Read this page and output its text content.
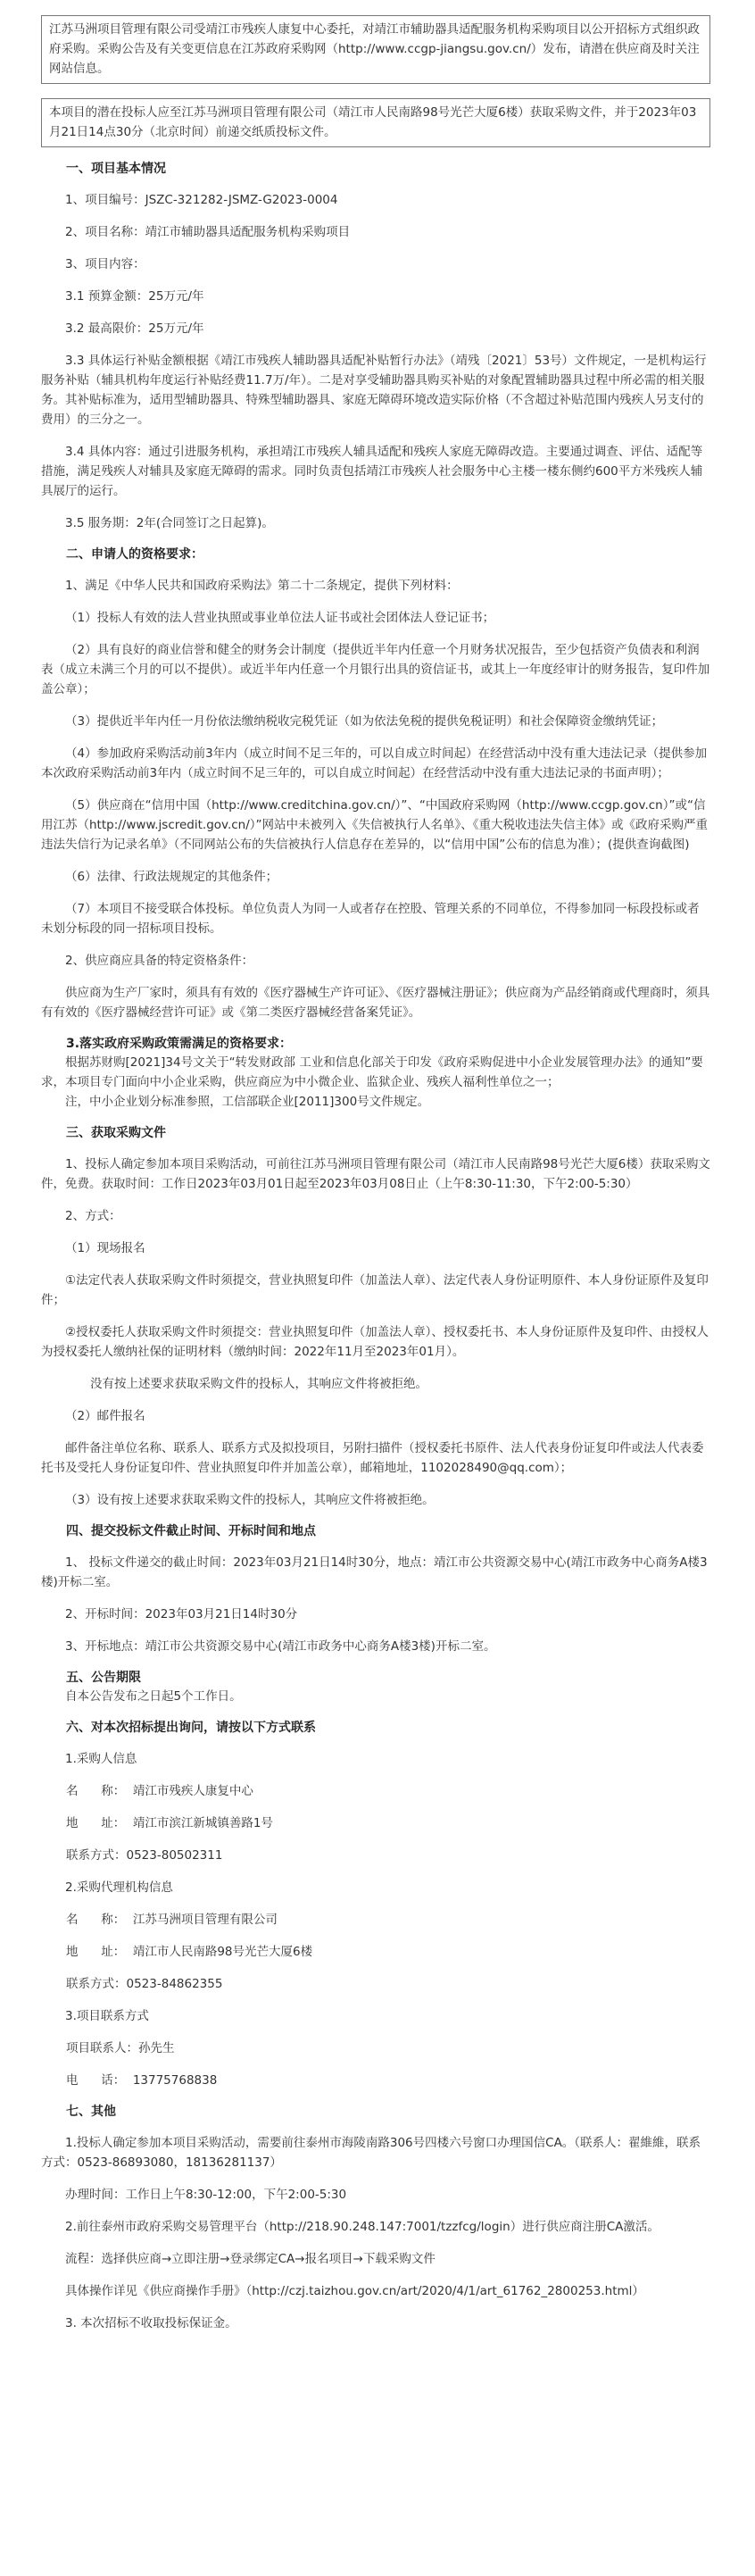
江苏马洲项目管理有限公司受靖江市残疾人康复中心委托，对靖江市辅助器具适配服务机构采购项目以公开招标方式组织政府采购。采购公告及有关变更信息在江苏政府采购网（http://www.ccgp-jiangsu.gov.cn/）发布，请潜在供应商及时关注网站信息。
本项目的潜在投标人应至江苏马洲项目管理有限公司（靖江市人民南路98号光芒大厦6楼）获取采购文件，并于2023年03月21日14点30分（北京时间）前递交纸质投标文件。

一、项目基本情况

1、项目编号：JSZC-321282-JSMZ-G2023-0004

2、项目名称：靖江市辅助器具适配服务机构采购项目

3、项目内容：

3.1 预算金额：25万元/年

3.2 最高限价：25万元/年

3.3 具体运行补贴金额根据《靖江市残疾人辅助器具适配补贴暂行办法》（靖残〔2021〕53号）文件规定，一是机构运行服务补贴（辅具机构年度运行补贴经费11.7万/年）。二是对享受辅助器具购买补贴的对象配置辅助器具过程中所必需的相关服务。其补贴标准为，适用型辅助器具、特殊型辅助器具、家庭无障碍环境改造实际价格（不含超过补贴范围内残疾人另支付的费用）的三分之一。

3.4 具体内容：通过引进服务机构，承担靖江市残疾人辅具适配和残疾人家庭无障碍改造。主要通过调查、评估、适配等措施，满足残疾人对辅具及家庭无障碍的需求。同时负责包括靖江市残疾人社会服务中心主楼一楼东侧约600平方米残疾人辅具展厅的运行。

3.5 服务期：2年(合同签订之日起算)。

二、申请人的资格要求：

1、满足《中华人民共和国政府采购法》第二十二条规定，提供下列材料：

（1）投标人有效的法人营业执照或事业单位法人证书或社会团体法人登记证书；

（2）具有良好的商业信誉和健全的财务会计制度（提供近半年内任意一个月财务状况报告，至少包括资产负债表和利润表（成立未满三个月的可以不提供）。或近半年内任意一个月银行出具的资信证书，或其上一年度经审计的财务报告，复印件加盖公章）；

（3）提供近半年内任一月份依法缴纳税收完税凭证（如为依法免税的提供免税证明）和社会保障资金缴纳凭证；

（4）参加政府采购活动前3年内（成立时间不足三年的，可以自成立时间起）在经营活动中没有重大违法记录（提供参加本次政府采购活动前3年内（成立时间不足三年的，可以自成立时间起）在经营活动中没有重大违法记录的书面声明）；

（5）供应商在“信用中国（http://www.creditchina.gov.cn/）”、“中国政府采购网（http://www.ccgp.gov.cn）”或“信用江苏（http://www.jscredit.gov.cn/）”网站中未被列入《失信被执行人名单》、《重大税收违法失信主体》或《政府采购严重违法失信行为记录名单》（不同网站公布的失信被执行人信息存在差异的，以“信用中国”公布的信息为准）；(提供查询截图)

（6）法律、行政法规规定的其他条件；

（7）本项目不接受联合体投标。单位负责人为同一人或者存在控股、管理关系的不同单位，不得参加同一标段投标或者未划分标段的同一招标项目投标。

2、供应商应具备的特定资格条件：

供应商为生产厂家时，须具有有效的《医疗器械生产许可证》、《医疗器械注册证》；供应商为产品经销商或代理商时，须具有有效的《医疗器械经营许可证》或《第二类医疗器械经营备案凭证》。

3.落实政府采购政策需满足的资格要求：

根据苏财购[2021]34号文关于“转发财政部 工业和信息化部关于印发《政府采购促进中小企业发展管理办法》的通知”要求，本项目专门面向中小企业采购，供应商应为中小微企业、监狱企业、残疾人福利性单位之一；

注，中小企业划分标准参照，工信部联企业[2011]300号文件规定。

三、获取采购文件

1、投标人确定参加本项目采购活动，可前往江苏马洲项目管理有限公司（靖江市人民南路98号光芒大厦6楼）获取采购文件，免费。获取时间：工作日2023年03月01日起至2023年03月08日止（上午8:30-11:30，下午2:00-5:30）

2、方式：

（1）现场报名

①法定代表人获取采购文件时须提交，营业执照复印件（加盖法人章）、法定代表人身份证明原件、本人身份证原件及复印件；

②授权委托人获取采购文件时须提交：营业执照复印件（加盖法人章）、授权委托书、本人身份证原件及复印件、由授权人为授权委托人缴纳社保的证明材料（缴纳时间：2022年11月至2023年01月）。

没有按上述要求获取采购文件的投标人，其响应文件将被拒绝。

（2）邮件报名

邮件备注单位名称、联系人、联系方式及拟投项目，另附扫描件（授权委托书原件、法人代表身份证复印件或法人代表委托书及受托人身份证复印件、营业执照复印件并加盖公章），邮箱地址，1102028490@qq.com）；

（3）设有按上述要求获取采购文件的投标人，其响应文件将被拒绝。

四、提交投标文件截止时间、开标时间和地点

1、 投标文件递交的截止时间：2023年03月21日14时30分，地点：靖江市公共资源交易中心(靖江市政务中心商务A楼3楼)开标二室。

2、开标时间：2023年03月21日14时30分

3、开标地点：靖江市公共资源交易中心(靖江市政务中心商务A楼3楼)开标二室。

五、公告期限

自本公告发布之日起5个工作日。

六、对本次招标提出询问，请按以下方式联系

1.采购人信息

名      称：  靖江市残疾人康复中心

地      址：  靖江市滨江新城镇善路1号

联系方式：0523-80502311

2.采购代理机构信息

名      称：  江苏马洲项目管理有限公司

地      址：  靖江市人民南路98号光芒大厦6楼

联系方式：0523-84862355

3.项目联系方式

项目联系人：孙先生

电      话：  13775768838

七、其他

1.投标人确定参加本项目采购活动，需要前往泰州市海陵南路306号四楼六号窗口办理国信CA。（联系人：翟維維，联系方式：0523-86893080，18136281137）

办理时间：工作日上午8:30-12:00，下午2:00-5:30

2.前往泰州市政府采购交易管理平台（http://218.90.248.147:7001/tzzfcg/login）进行供应商注册CA激活。

流程：选择供应商→立即注册→登录绑定CA→报名项目→下载采购文件

具体操作详见《供应商操作手册》（http://czj.taizhou.gov.cn/art/2020/4/1/art_61762_2800253.html）

3. 本次招标不收取投标保证金。
